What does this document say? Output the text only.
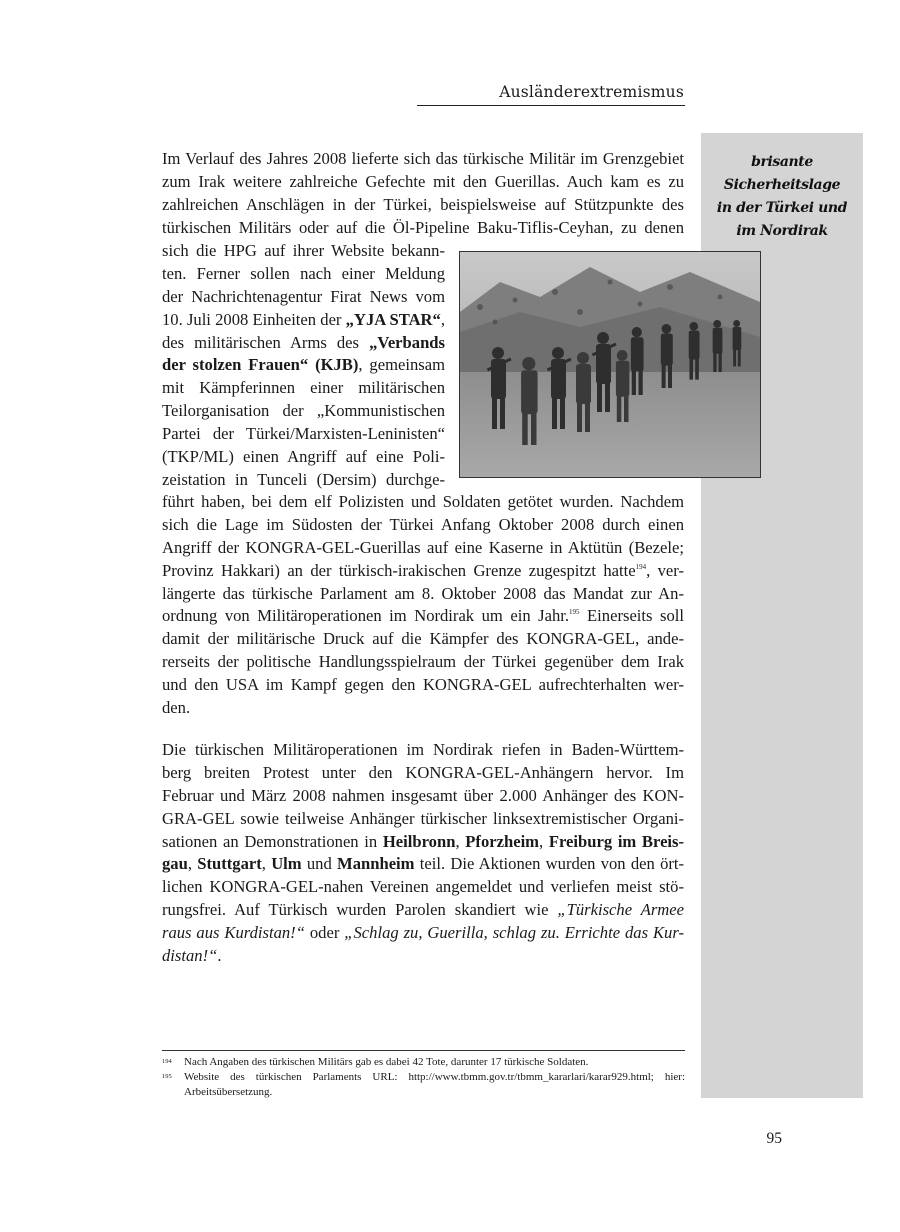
Ausländerextremismus
brisante
Sicherheitslage
in der Türkei und
im Nordirak
Im Verlauf des Jahres 2008 lieferte sich das türkische Militär im Grenzgebiet
zum Irak weitere zahlreiche Gefechte mit den Guerillas. Auch kam es zu
zahlreichen Anschlägen in der Türkei, beispielsweise auf Stützpunkte des
türkischen Militärs oder auf die Öl-Pipeline Baku-Tiflis-Ceyhan, zu denen
sich die HPG auf ihrer Website bekann-
ten. Ferner sollen nach einer Meldung
der Nachrichtenagentur Firat News vom
10. Juli 2008 Einheiten der „YJA STAR“,
des militärischen Arms des „Verbands
der stolzen Frauen“ (KJB), gemeinsam
mit Kämpferinnen einer militärischen
Teilorganisation der „Kommunistischen
Partei der Türkei/Marxisten-Leninisten“
(TKP/ML) einen Angriff auf eine Poli-
zeistation in Tunceli (Dersim) durchge-
führt haben, bei dem elf Polizisten und Soldaten getötet wurden. Nachdem
sich die Lage im Südosten der Türkei Anfang Oktober 2008 durch einen
Angriff der KONGRA-GEL-Guerillas auf eine Kaserne in Aktütün (Bezele;
Provinz Hakkari) an der türkisch-irakischen Grenze zugespitzt hatte$^{194}$, ver-
längerte das türkische Parlament am 8. Oktober 2008 das Mandat zur An-
ordnung von Militäroperationen im Nordirak um ein Jahr.$^{195}$ Einerseits soll
damit der militärische Druck auf die Kämpfer des KONGRA-GEL, ande-
rerseits der politische Handlungsspielraum der Türkei gegenüber dem Irak
und den USA im Kampf gegen den KONGRA-GEL aufrechterhalten wer-
den.
Die türkischen Militäroperationen im Nordirak riefen in Baden-Württem-
berg breiten Protest unter den KONGRA-GEL-Anhängern hervor. Im
Februar und März 2008 nahmen insgesamt über 2.000 Anhänger des KON-
GRA-GEL sowie teilweise Anhänger türkischer linksextremistischer Organi-
sationen an Demonstrationen in Heilbronn, Pforzheim, Freiburg im Breis-
gau, Stuttgart, Ulm und Mannheim teil. Die Aktionen wurden von den ört-
lichen KONGRA-GEL-nahen Vereinen angemeldet und verliefen meist stö-
rungsfrei. Auf Türkisch wurden Parolen skandiert wie „Türkische Armee
raus aus Kurdistan!“ oder „Schlag zu, Guerilla, schlag zu. Errichte das Kur-
distan!“.
194 Nach Angaben des türkischen Militärs gab es dabei 42 Tote, darunter 17 türkische Soldaten.
195 Website des türkischen Parlaments URL: http://www.tbmm.gov.tr/tbmm_kararlari/karar929.html; hier: Arbeitsübersetzung.
95
